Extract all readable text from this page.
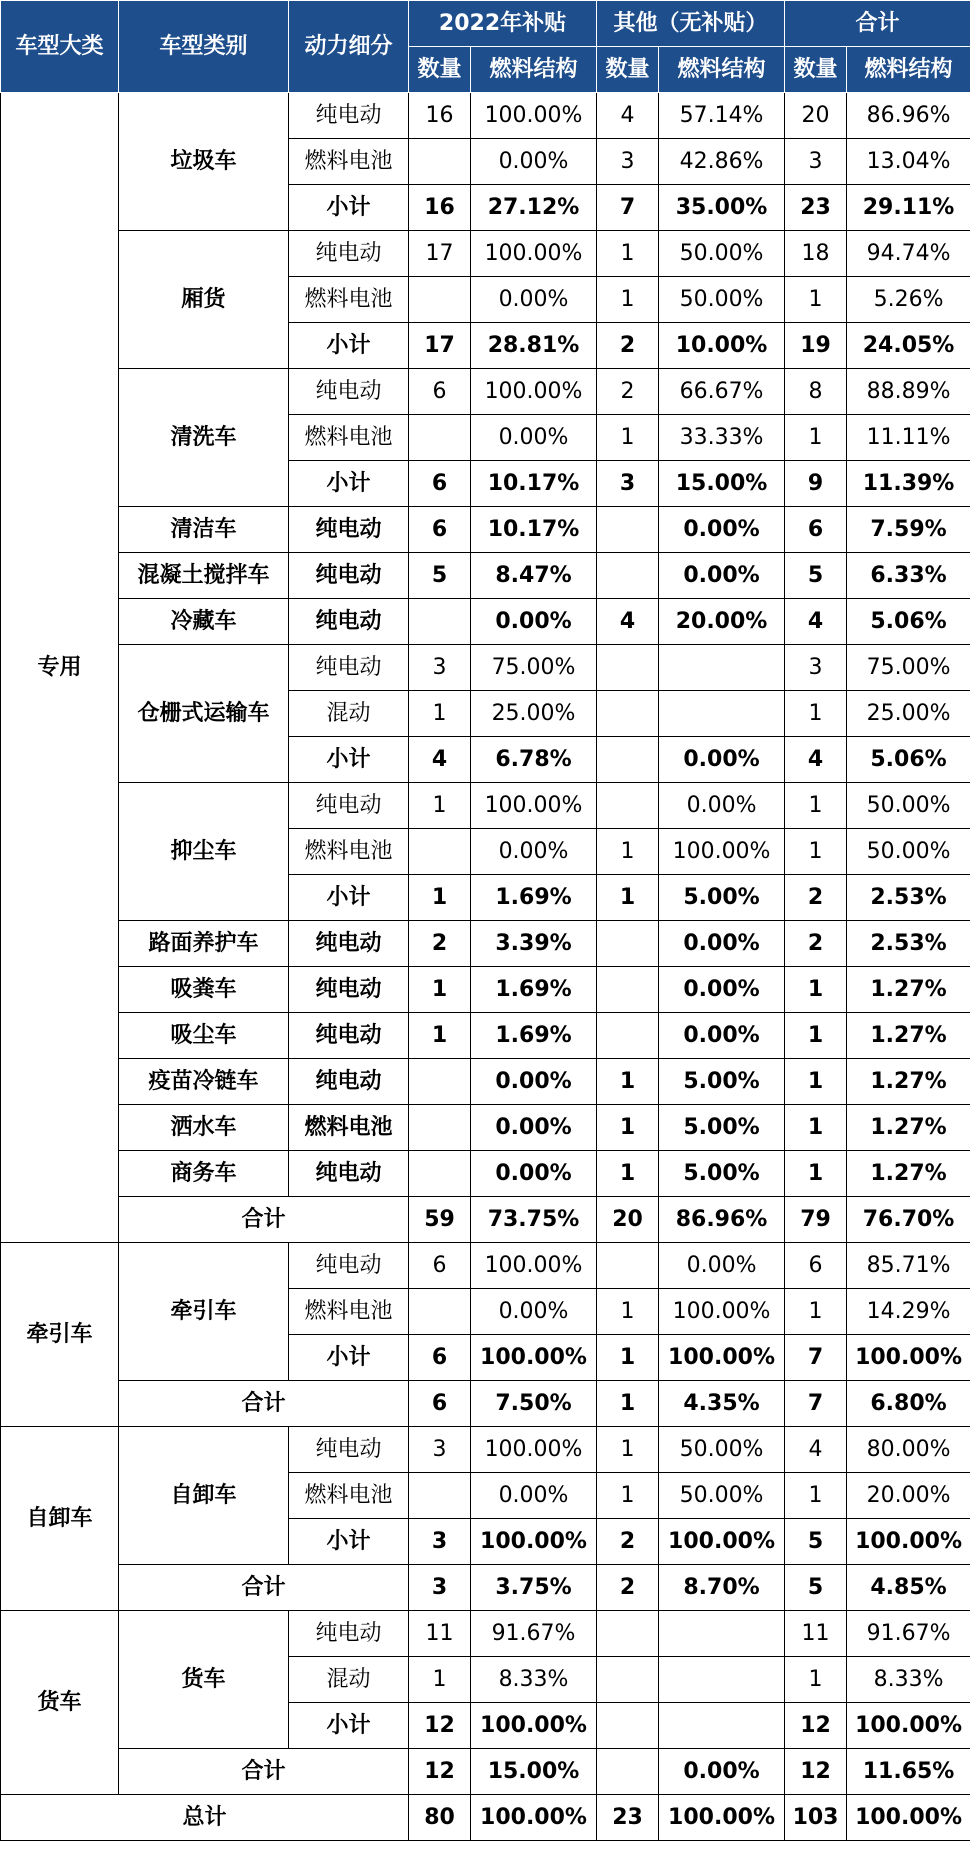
车型大类	车型类别	动力细分	2022年补贴		其他（无补贴）		合计	
			数量	燃料结构	数量	燃料结构	数量	燃料结构
专用	垃圾车	纯电动	16	100.00%	4	57.14%	20	86.96%
		燃料电池		0.00%	3	42.86%	3	13.04%
		小计	16	27.12%	7	35.00%	23	29.11%
	厢货	纯电动	17	100.00%	1	50.00%	18	94.74%
		燃料电池		0.00%	1	50.00%	1	5.26%
		小计	17	28.81%	2	10.00%	19	24.05%
	清洗车	纯电动	6	100.00%	2	66.67%	8	88.89%
		燃料电池		0.00%	1	33.33%	1	11.11%
		小计	6	10.17%	3	15.00%	9	11.39%
	清洁车	纯电动	6	10.17%		0.00%	6	7.59%
	混凝土搅拌车	纯电动	5	8.47%		0.00%	5	6.33%
	冷藏车	纯电动		0.00%	4	20.00%	4	5.06%
	仓栅式运输车	纯电动	3	75.00%			3	75.00%
		混动	1	25.00%			1	25.00%
		小计	4	6.78%		0.00%	4	5.06%
	抑尘车	纯电动	1	100.00%		0.00%	1	50.00%
		燃料电池		0.00%	1	100.00%	1	50.00%
		小计	1	1.69%	1	5.00%	2	2.53%
	路面养护车	纯电动	2	3.39%		0.00%	2	2.53%
	吸粪车	纯电动	1	1.69%		0.00%	1	1.27%
	吸尘车	纯电动	1	1.69%		0.00%	1	1.27%
	疫苗冷链车	纯电动		0.00%	1	5.00%	1	1.27%
	洒水车	燃料电池		0.00%	1	5.00%	1	1.27%
	商务车	纯电动		0.00%	1	5.00%	1	1.27%
	合计		59	73.75%	20	86.96%	79	76.70%
牵引车	牵引车	纯电动	6	100.00%		0.00%	6	85.71%
		燃料电池		0.00%	1	100.00%	1	14.29%
		小计	6	100.00%	1	100.00%	7	100.00%
	合计		6	7.50%	1	4.35%	7	6.80%
自卸车	自卸车	纯电动	3	100.00%	1	50.00%	4	80.00%
		燃料电池		0.00%	1	50.00%	1	20.00%
		小计	3	100.00%	2	100.00%	5	100.00%
	合计		3	3.75%	2	8.70%	5	4.85%
货车	货车	纯电动	11	91.67%			11	91.67%
		混动	1	8.33%			1	8.33%
		小计	12	100.00%			12	100.00%
	合计		12	15.00%		0.00%	12	11.65%
总计			80	100.00%	23	100.00%	103	100.00%
